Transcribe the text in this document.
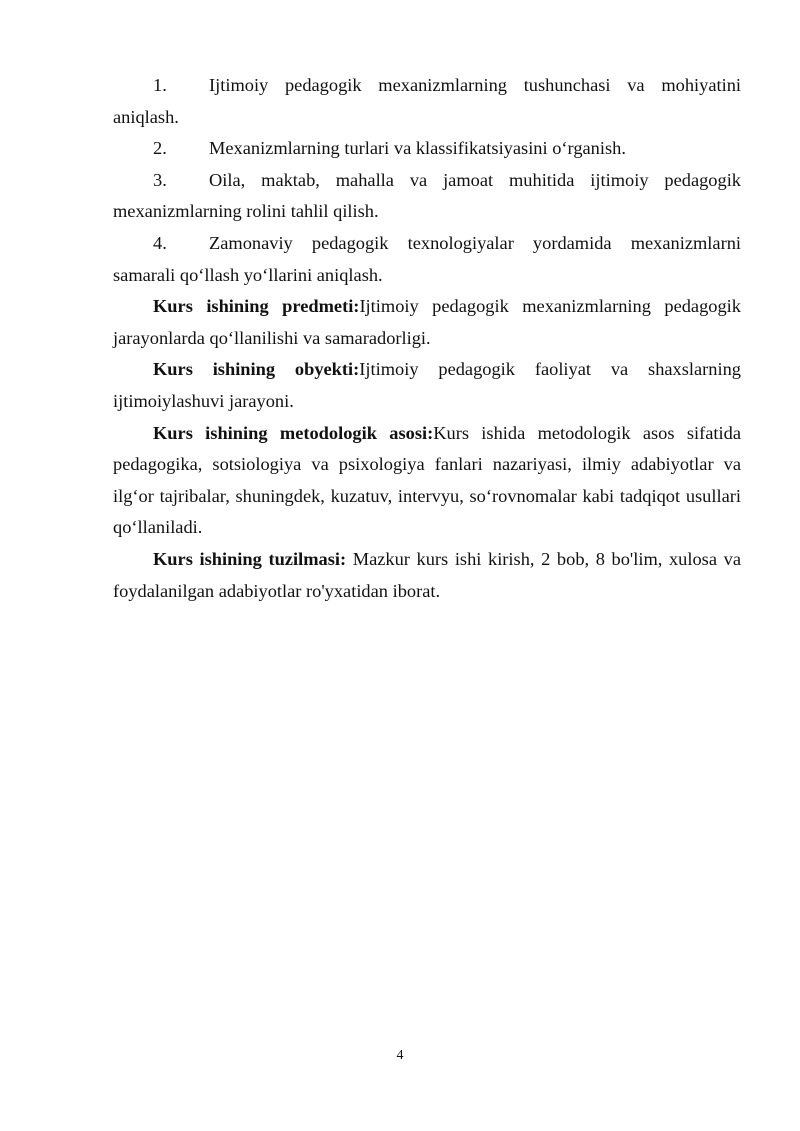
1. Ijtimoiy pedagogik mexanizmlarning tushunchasi va mohiyatini aniqlash.

2. Mexanizmlarning turlari va klassifikatsiyasini o‘rganish.

3. Oila, maktab, mahalla va jamoat muhitida ijtimoiy pedagogik mexanizmlarning rolini tahlil qilish.

4. Zamonaviy pedagogik texnologiyalar yordamida mexanizmlarni samarali qo‘llash yo‘llarini aniqlash.

Kurs ishining predmeti:Ijtimoiy pedagogik mexanizmlarning pedagogik jarayonlarda qo‘llanilishi va samaradorligi.

Kurs ishining obyekti:Ijtimoiy pedagogik faoliyat va shaxslarning ijtimoiylashuvi jarayoni.

Kurs ishining metodologik asosi:Kurs ishida metodologik asos sifatida pedagogika, sotsiologiya va psixologiya fanlari nazariyasi, ilmiy adabiyotlar va ilg‘or tajribalar, shuningdek, kuzatuv, intervyu, so‘rovnomalar kabi tadqiqot usullari qo‘llaniladi.

Kurs ishining tuzilmasi: Mazkur kurs ishi kirish, 2 bob, 8 bo'lim, xulosa va foydalanilgan adabiyotlar ro'yxatidan iborat.

4
